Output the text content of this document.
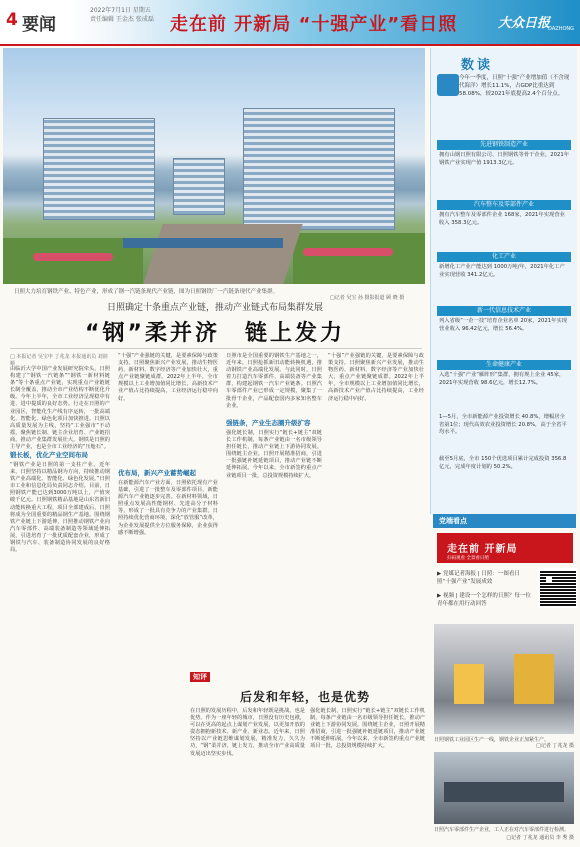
4 要闻
2022年7月1日 星期五
责任编辑 王金杰 张成磊 走在前 开新局 “十强产业”看日照	大众日报
DAZHONG
日照大力培育钢铁产业、特色产业，形成了钢一汽链条现代产业链，图为日照钢铁厂一汽链条现代产业集群。
□记者 吴宝 孙 摄影报道 顾 晓 摄
日照确定十条重点产业链，推动产业链式布局集群发展
“钢”柔并济　链上发力
□ 本报记者 吴宝申 丁兆龙 本报通讯员 刘润 顺
由临沂大学中国产业发展研究院牵头，日照构建了“钢铁一汽链条”“钢铁一新材料链条”等十条重点产业链，实现重点产业链链长制全覆盖，推动全市产业结构不断优化升级。今年上半年，全市工业经济呈现稳中有进、进中提质的良好态势。行走在日照的产业园区，智能化生产线有序运转，一批高端化、智能化、绿色化项目加快推进。日照以高质量发展为主线，坚持“工业强市”不动摇，聚焦链长制、链主企业培育、产业链招商，推动产业集群发展壮大。钢铁是日照的主导产业，也是全市工业经济的“压舱石”。
锻长板，优化产业空间布局
“钢铁产业是日照的第一支柱产业，近年来，日照坚持以精品钢为方向，持续推动钢铁产业高端化、智能化、绿色化发展。”日照市工业和信息化局负责同志介绍。目前，日照钢铁产能已达到3000万吨以上，产值突破千亿元。日照钢铁精品基地是山东省新旧动能转换重大工程，项目全部建成后，日照将成为全国重要的精品钢生产基地。围绕钢铁产业链上下游延伸，日照推动钢铁产业向汽车零部件、高端装备制造等领域延伸拓展，引进培育了一批优质配套企业，形成了钢铁与汽车、装备制造协同发展的良好格局。
“十强”产业强链的关键，是要素保障与政策支持。日照聚焦新兴产业发展，推动生物医药、新材料、数字经济等产业加快壮大，重点产业链聚链成群。2022年上半年，全市规模以上工业增加值同比增长，高新技术产业产值占比持续提高，工业经济运行稳中向好。
优布局，新兴产业蓄势崛起
在新能源汽车产业方面，日照依托现有产业基础，引进了一批整车及零部件项目，新能源汽车产业链逐步完善。在新材料领域，日照重点发展高性能钢材、先进高分子材料等，形成了一批具有竞争力的产业集群。日照持续优化营商环境，深化“放管服”改革，为企业发展提供全方位服务保障，企业获得感不断增强。
日照市是全国重要的钢铁生产基地之一，近年来，日照抢抓新旧动能转换机遇，推动钢铁产业高端化发展。与此同时，日照着力打造汽车零部件、高端装备等产业集群，构建起钢铁一汽车产业链条。日照汽车零部件产业已形成一定规模，聚集了一批骨干企业，产品配套国内多家知名整车企业。
强链条，产业生态圈升级扩容
强化链长制，日照实行“链长+链主”双链长工作机制，每条产业链由一名市级领导担任链长，推动产业链上下游协同发展。围绕链主企业，日照开展精准招商，引进一批强链补链延链项目，推动产业链不断延伸拓展。今年以来，全市新签约重点产业链项目一批，总投资规模持续扩大。
“十强”产业强链的关键，是要素保障与政策支持。日照聚焦新兴产业发展，推动生物医药、新材料、数字经济等产业加快壮大，重点产业链聚链成群。2022年上半年，全市规模以上工业增加值同比增长，高新技术产业产值占比持续提高，工业经济运行稳中向好。
知评
后发和年轻，也是优势
在日照的发展历程中，后发和年轻既是挑战，也是优势。作为一座年轻的城市，日照没有历史包袱，可以在更高的起点上谋划产业发展，以更加开放的姿态拥抱新技术、新产业、新业态。近年来，日照坚持以产业链思维谋划发展，精准发力，久久为功，“钢”柔并济，链上发力，推动全市产业高质量发展迈出坚实步伐。
强化链长制，日照实行“链长+链主”双链长工作机制，每条产业链由一名市级领导担任链长，推动产业链上下游协同发展。围绕链主企业，日照开展精准招商，引进一批强链补链延链项目，推动产业链不断延伸拓展。今年以来，全市新签约重点产业链项目一批，总投资规模持续扩大。
数读
今年一季度，日照“十强”产业增加值（不含现代海洋）增长11.1%，占GDP比重达到58.08%，较2021年底提高2.4个百分点。
先进钢铁制造产业
拥有山钢日照有限公司、日照钢铁等骨干企业，2021年钢铁产业实现产值 1913.3亿元。
汽车整车及零部件产业
拥有汽车整车及零部件企业 168家，2021年实现营业收入 358.3亿元。
化工产业
新增化工产业产能达到 1000万吨/年，2021年化工产业实现营收 341.2亿元。
新一代信息技术产业
列入省级“一企一技”培育企业名单 20家，2021年实现营业收入 96.42亿元，增长 56.4%。
生命健康产业
入选“十强”产业“雁阵形”集群，拥有规上企业 45家，2021年实现营收 98.6亿元，增长12.7%。
1—5月，全市新能源产业投资增长 40.8%，增幅居全省第1位；现代高效农业投资增长 20.8%，高于全省平均水平。
截至5月底，全市 150个优选项目累计完成投资 356.8亿元，完成年度计划的 50.2%。
党端看点
走在前 开新局
扫码观看 全景看日照
▶ 党媒记者海报 | 日照：一图看日照“十强产业”发展成效
▶ 视频 | 建设一个怎样的日照？每一位青年都在用行动回答
日照钢铁工业园区生产一线，钢铁企业正加紧生产。
□记者 丁兆龙 摄
日照汽车零部件生产企业，工人正在对汽车零部件进行检测。
□记者 丁兆龙 通讯员 李 秀 摄
